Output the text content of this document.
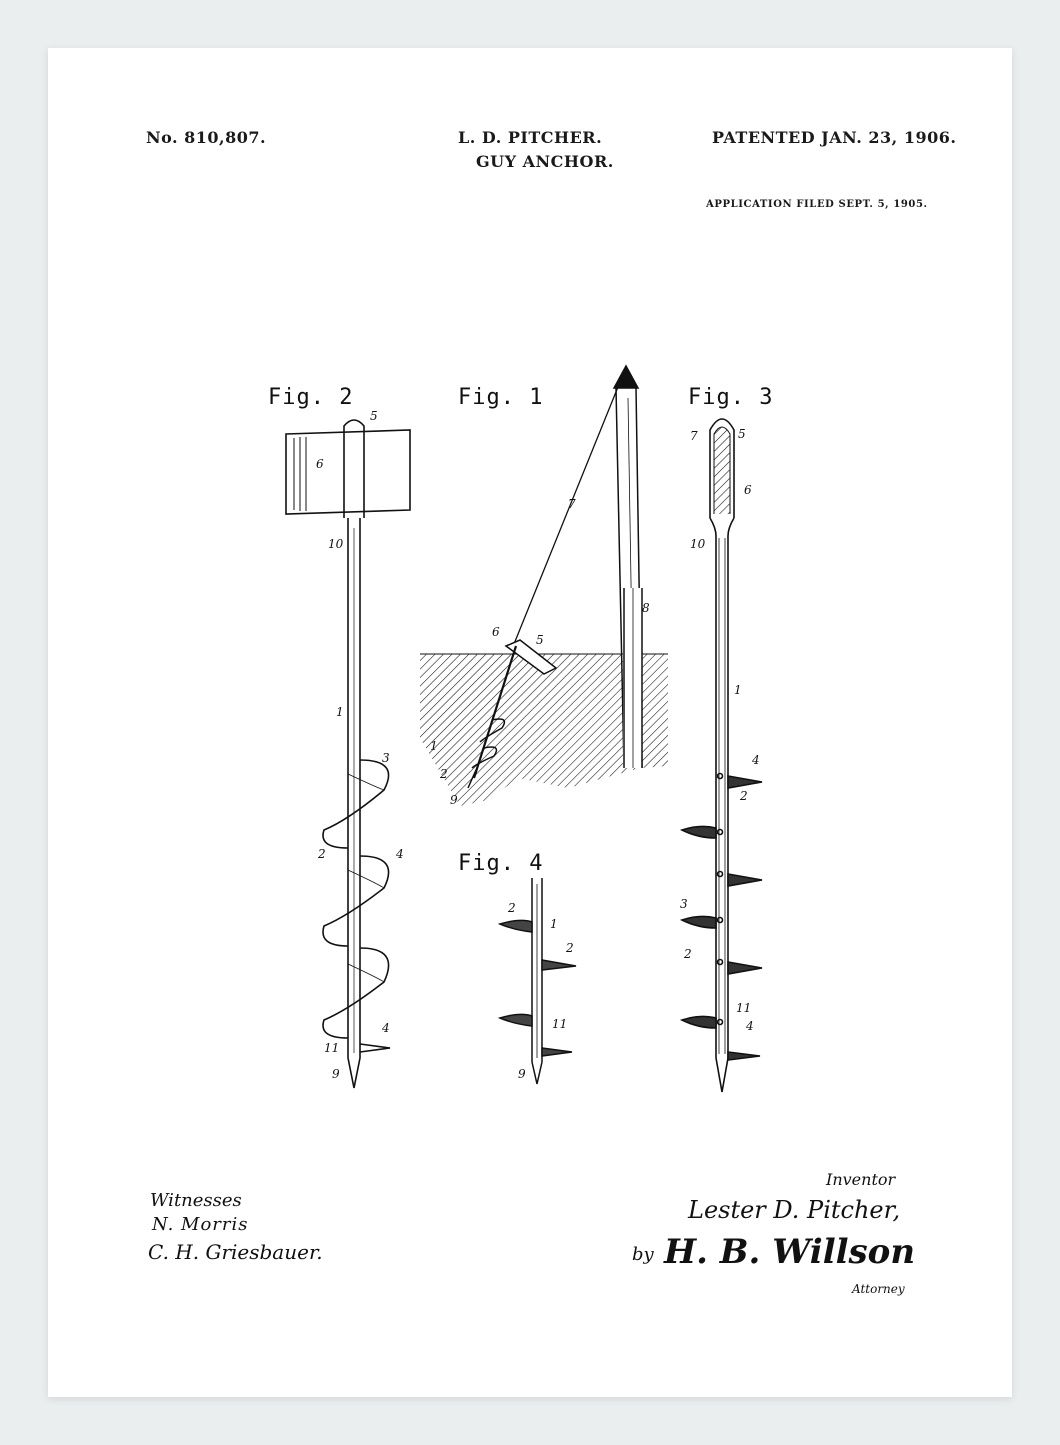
No. 810,807.	L. D. PITCHER.
GUY ANCHOR.
PATENTED JAN. 23, 1906.
APPLICATION FILED SEPT. 5, 1905.
Fig. 2	Fig. 1	Fig. 3
Fig. 4
5
6
10
1
3
2	4
11
4
9
7
8
6
5
1
2
9
2
1
2
11
9
7	5
6
10
1
4
2
3
2
11
4
Witnesses
N. Morris
C. H. Griesbauer.
Inventor
Lester D. Pitcher,
by H. B. Willson
Attorney
